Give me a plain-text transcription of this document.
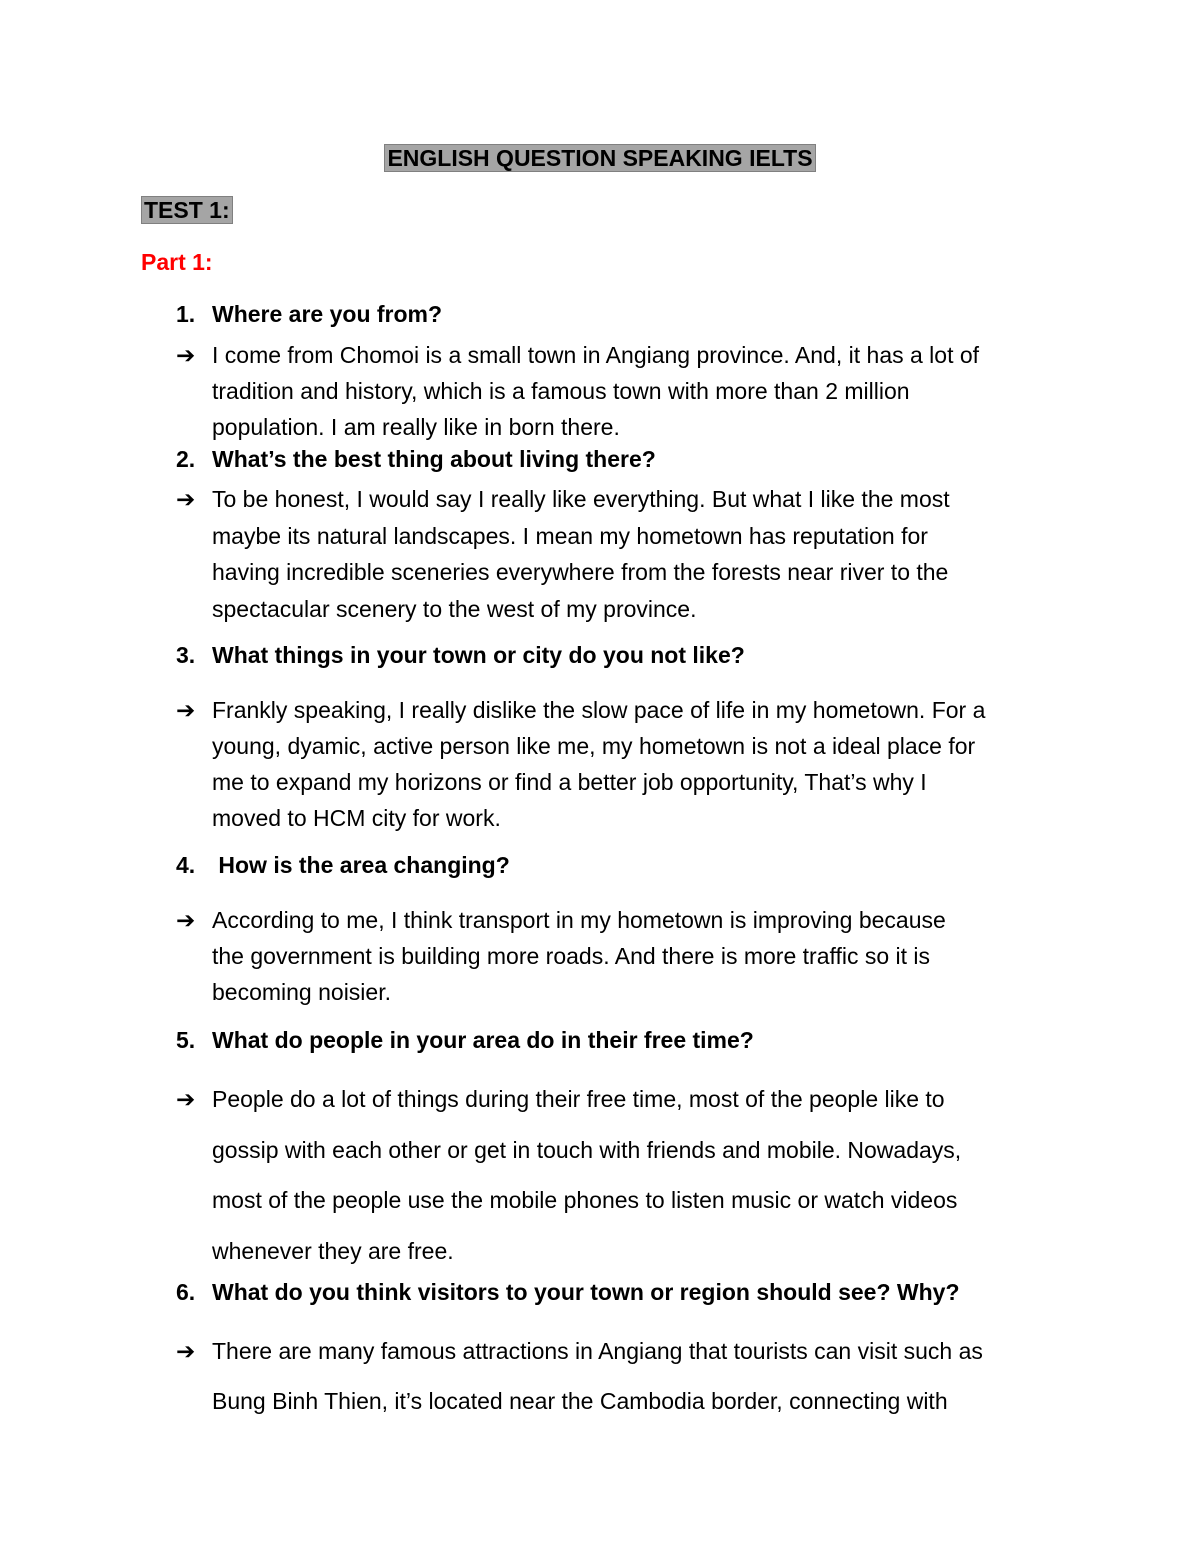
ENGLISH QUESTION SPEAKING IELTS
TEST 1:
Part 1:
1. Where are you from?
➔ I come from Chomoi is a small town in Angiang province. And, it has a lot of
tradition and history, which is a famous town with more than 2 million
population. I am really like in born there.
2. What’s the best thing about living there?
➔ To be honest, I would say I really like everything. But what I like the most
maybe its natural landscapes. I mean my hometown has reputation for
having incredible sceneries everywhere from the forests near river to the
spectacular scenery to the west of my province.
3. What things in your town or city do you not like?
➔ Frankly speaking, I really dislike the slow pace of life in my hometown. For a
young, dyamic, active person like me, my hometown is not a ideal place for
me to expand my horizons or find a better job opportunity, That’s why I
moved to HCM city for work.
4. How is the area changing?
➔ According to me, I think transport in my hometown is improving because
the government is building more roads. And there is more traffic so it is
becoming noisier.
5. What do people in your area do in their free time?
➔ People do a lot of things during their free time, most of the people like to
gossip with each other or get in touch with friends and mobile. Nowadays,
most of the people use the mobile phones to listen music or watch videos
whenever they are free.
6. What do you think visitors to your town or region should see? Why?
➔ There are many famous attractions in Angiang that tourists can visit such as
Bung Binh Thien, it’s located near the Cambodia border, connecting with
